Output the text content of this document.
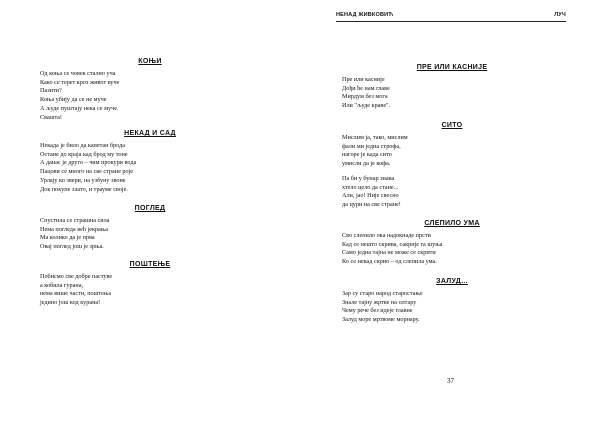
КОЊИ
Од коња се човек стално уча
Како се терет кроз живот вуче
Пазити?
Коња убију да се не муче
А људе пуштају нека се муче.
Сваштa!
НЕКАД И САД
Некада је било да капетан брода
Остане до краја кад брод му тоне
А данас је друго – чим прокури вода
Пацови се много на све стране роје
Урлају ко звери, на узбуну звоне
Док покупе злато, и трауме своје.
ПОГЛЕД
Спустила се страшна сила
Нема погледа већ јекрања
Ма колико да је прва
Овај поглед још је зрња.
ПОШТЕЊЕ
Побисмо све добре пастуве
а кобила гурана,
нема више части, поштења
једино још код курана!
НЕНАД ЖИВКОВИЋ	ЛУЧ
ПРЕ ИЛИ КАСНИЈЕ
Пре или касније
Дођи ће нам главе
Мирдум без мога
Или "људе краве".
СИТО
Мислим ја, тако, мислим
фали ми једна строфа,
нагоре је када сито
умисли да је кофа.
Па би у бунар знава
хтело целo да стане...
Али, јао! Није свесно
да цури на све стране!
СЛЕПИЛО УМА
Сво слепило ока надокнаде прсти
Кад се нешто скрива, сакрије га шуња
Само једна тајна не може се скрити
Ко се некад скрио – од слепила ума.
ЗАЛУД...
Зар су старо народ старостање
Знале тајну жртве на олтару
Чему рече без идеје главне
Залуд море мртвоме морнару.
37
